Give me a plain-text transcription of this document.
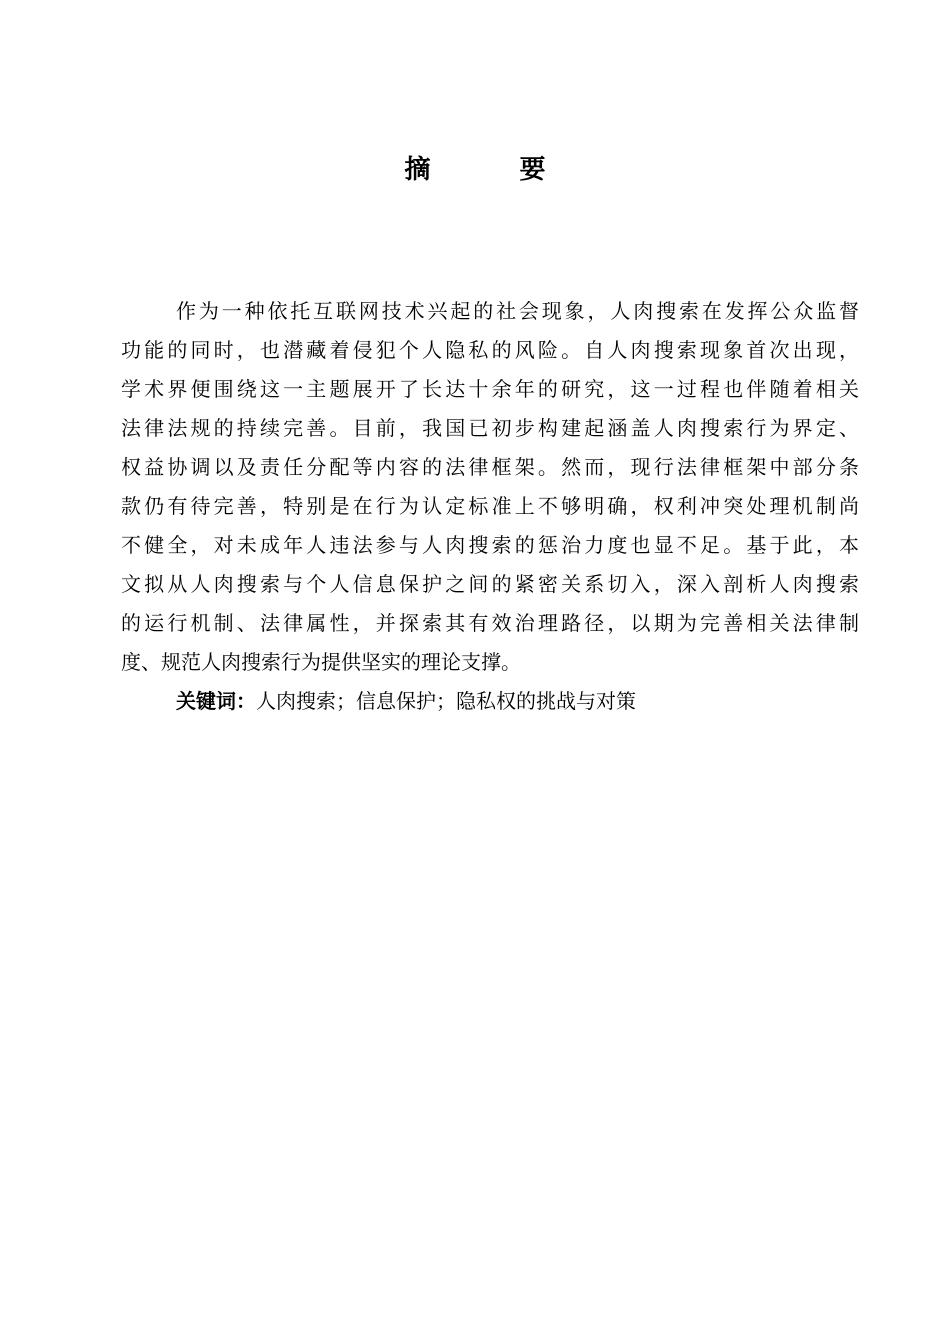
摘 要
作为一种依托互联网技术兴起的社会现象，人肉搜索在发挥公众监督
功能的同时，也潜藏着侵犯个人隐私的风险。自人肉搜索现象首次出现，
学术界便围绕这一主题展开了长达十余年的研究，这一过程也伴随着相关
法律法规的持续完善。目前，我国已初步构建起涵盖人肉搜索行为界定、
权益协调以及责任分配等内容的法律框架。然而，现行法律框架中部分条
款仍有待完善，特别是在行为认定标准上不够明确，权利冲突处理机制尚
不健全，对未成年人违法参与人肉搜索的惩治力度也显不足。基于此，本
文拟从人肉搜索与个人信息保护之间的紧密关系切入，深入剖析人肉搜索
的运行机制、法律属性，并探索其有效治理路径，以期为完善相关法律制
度、规范人肉搜索行为提供坚实的理论支撑。
关键词：人肉搜索；信息保护；隐私权的挑战与对策
